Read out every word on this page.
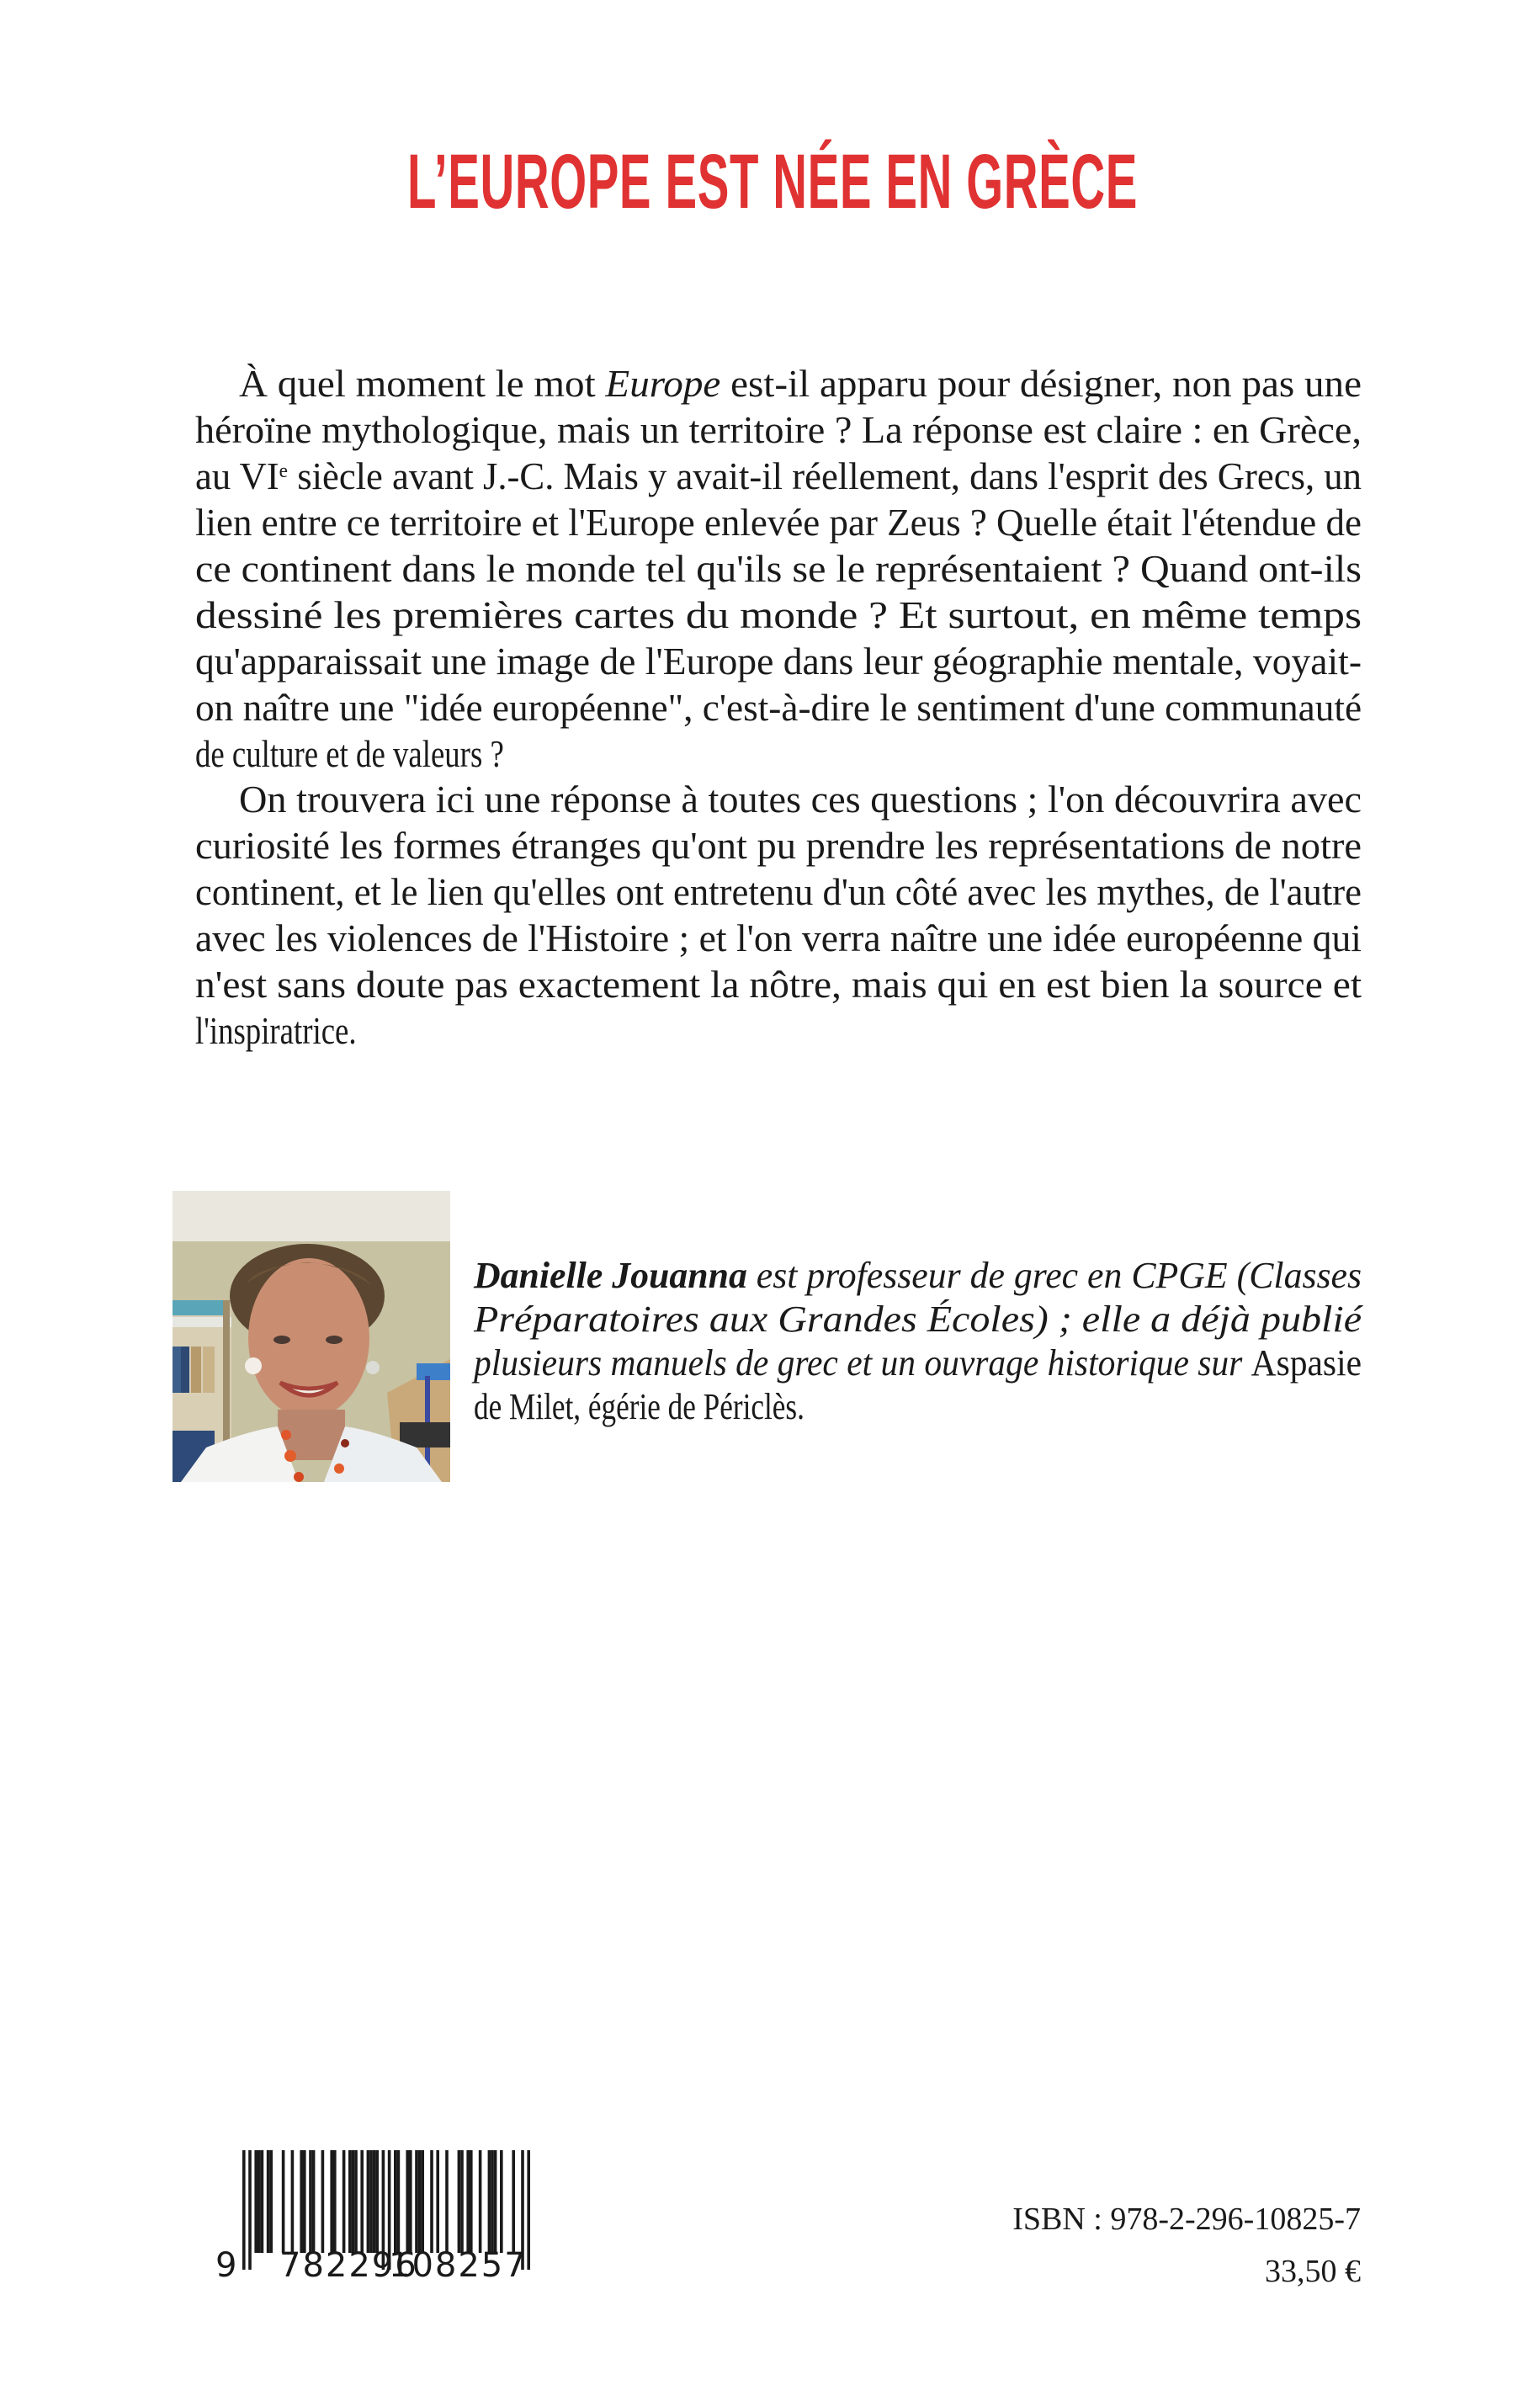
L’EUROPE EST NÉE EN GRÈCE
À quel moment le mot Europe est-il apparu pour désigner, non pas une
héroïne mythologique, mais un territoire ? La réponse est claire : en Grèce,
au VIe siècle avant J.-C. Mais y avait-il réellement, dans l'esprit des Grecs, un
lien entre ce territoire et l'Europe enlevée par Zeus ? Quelle était l'étendue de
ce continent dans le monde tel qu'ils se le représentaient ? Quand ont-ils
dessiné les premières cartes du monde ? Et surtout, en même temps
qu'apparaissait une image de l'Europe dans leur géographie mentale, voyait-
on naître une "idée européenne", c'est-à-dire le sentiment d'une communauté
de culture et de valeurs ?
On trouvera ici une réponse à toutes ces questions ; l'on découvrira avec
curiosité les formes étranges qu'ont pu prendre les représentations de notre
continent, et le lien qu'elles ont entretenu d'un côté avec les mythes, de l'autre
avec les violences de l'Histoire ; et l'on verra naître une idée européenne qui
n'est sans doute pas exactement la nôtre, mais qui en est bien la source et
l'inspiratrice.
Danielle Jouanna est professeur de grec en CPGE (Classes
Préparatoires aux Grandes Écoles) ; elle a déjà publié
plusieurs manuels de grec et un ouvrage historique sur Aspasie
de Milet, égérie de Périclès.
9 782296
108257
ISBN : 978-2-296-10825-7
33,50 €
